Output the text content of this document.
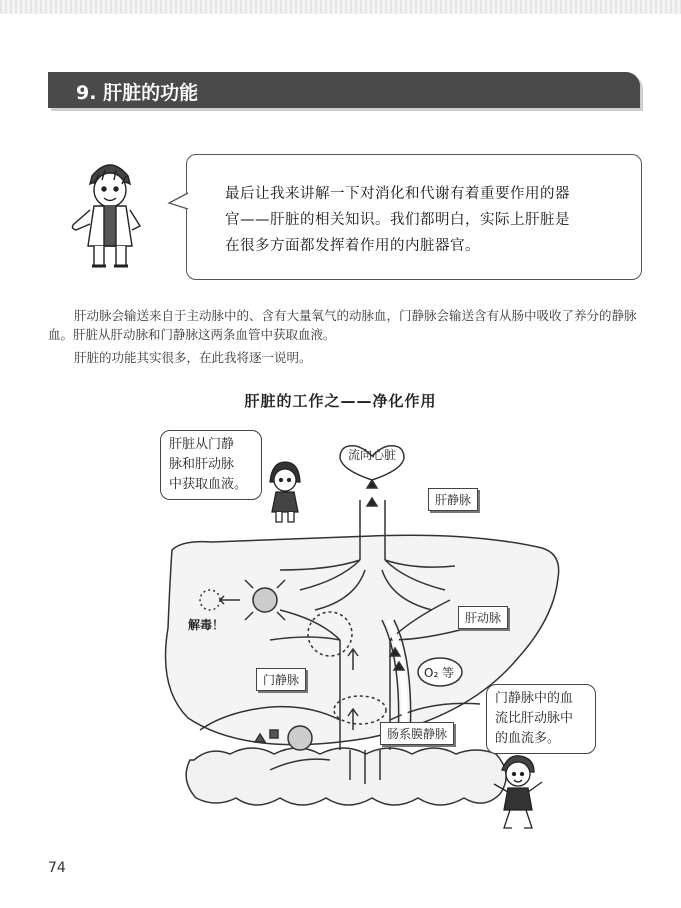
9. 肝脏的功能
最后让我来讲解一下对消化和代谢有着重要作用的器
官——肝脏的相关知识。我们都明白，实际上肝脏是
在很多方面都发挥着作用的内脏器官。
肝动脉会输送来自于主动脉中的、含有大量氧气的动脉血，门静脉会输送含有从肠中吸收了养分的静脉血。肝脏从肝动脉和门静脉这两条血管中获取血液。
肝脏的功能其实很多，在此我将逐一说明。
肝脏的工作之——净化作用
流向心脏
肝静脉
肝动脉
门静脉
肠系膜静脉
解毒！
O₂ 等
肝脏从门静
脉和肝动脉
中获取血液。
门静脉中的血
流比肝动脉中
的血流多。
74
